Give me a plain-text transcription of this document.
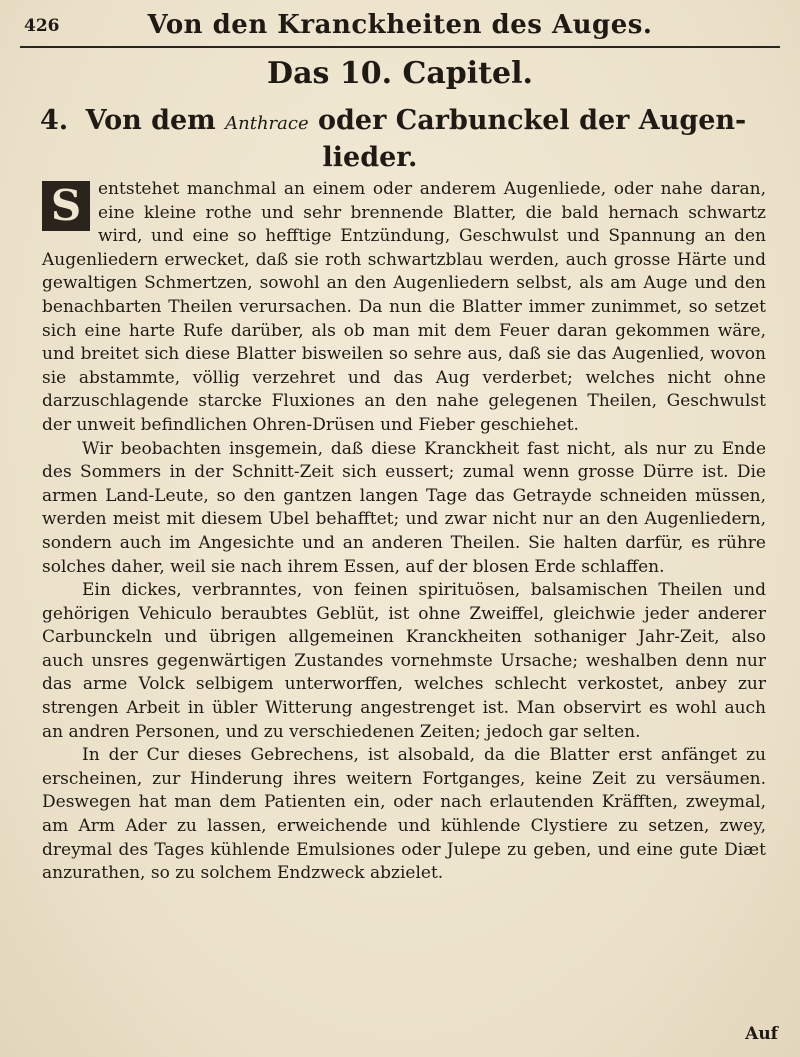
426	Von den Kranckheiten des Auges.
Das 10. Capitel.
4. Von dem Anthrace oder Carbunckel der Augen-
lieder.

S entstehet manchmal an einem oder anderem Augenliede, oder nahe daran, eine kleine rothe und sehr brennende Blatter, die bald hernach schwartz wird, und eine so hefftige Entzündung, Geschwulst und Spannung an den Augenliedern erwecket, daß sie roth schwartzblau werden, auch grosse Härte und gewaltigen Schmertzen, sowohl an den Augenliedern selbst, als am Auge und den benachbarten Theilen verursachen. Da nun die Blatter immer zunimmet, so setzet sich eine harte Rufe darüber, als ob man mit dem Feuer daran gekommen wäre, und breitet sich diese Blatter bisweilen so sehre aus, daß sie das Augenlied, wovon sie abstammte, völlig verzehret und das Aug verderbet; welches nicht ohne darzuschlagende starcke Fluxiones an den nahe gelegenen Theilen, Geschwulst der unweit befindlichen Ohren-Drüsen und Fieber geschiehet.

Wir beobachten insgemein, daß diese Kranckheit fast nicht, als nur zu Ende des Sommers in der Schnitt-Zeit sich eussert; zumal wenn grosse Dürre ist. Die armen Land-Leute, so den gantzen langen Tage das Getrayde schneiden müssen, werden meist mit diesem Ubel behafftet; und zwar nicht nur an den Augenliedern, sondern auch im Angesichte und an anderen Theilen. Sie halten darfür, es rühre solches daher, weil sie nach ihrem Essen, auf der blosen Erde schlaffen.

Ein dickes, verbranntes, von feinen spirituösen, balsamischen Theilen und gehörigen Vehiculo beraubtes Geblüt, ist ohne Zweiffel, gleichwie jeder anderer Carbunckeln und übrigen allgemeinen Kranckheiten sothaniger Jahr-Zeit, also auch unsres gegenwärtigen Zustandes vornehmste Ursache; weshalben denn nur das arme Volck selbigem unterworffen, welches schlecht verkostet, anbey zur strengen Arbeit in übler Witterung angestrenget ist. Man observirt es wohl auch an andren Personen, und zu verschiedenen Zeiten; jedoch gar selten.

In der Cur dieses Gebrechens, ist alsobald, da die Blatter erst anfänget zu erscheinen, zur Hinderung ihres weitern Fortganges, keine Zeit zu versäumen. Deswegen hat man dem Patienten ein, oder nach erlautenden Kräfften, zweymal, am Arm Ader zu lassen, erweichende und kühlende Clystiere zu setzen, zwey, dreymal des Tages kühlende Emulsiones oder Julepe zu geben, und eine gute Diæt anzurathen, so zu solchem Endzweck abzielet.

Auf
